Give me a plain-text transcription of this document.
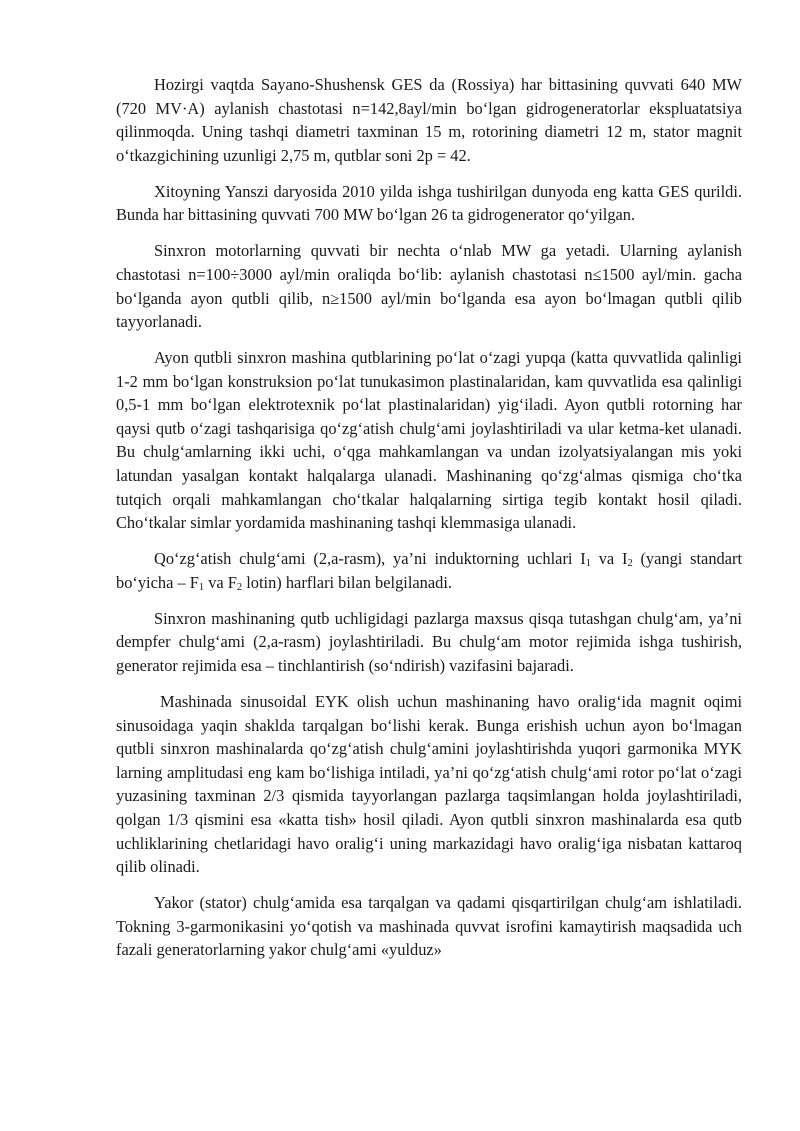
Hozirgi vaqtda Sayano-Shushensk GES da (Rossiya) har bittasining quvvati 640 MW (720 MV·A) aylanish chastotasi n=142,8ayl/min bo‘lgan gidrogeneratorlar ekspluatatsiya qilinmoqda. Uning tashqi diametri taxminan 15 m, rotorining diametri 12 m, stator magnit o‘tkazgichining uzunligi 2,75 m, qutblar soni 2p = 42.

Xitoyning Yanszi daryosida 2010 yilda ishga tushirilgan dunyoda eng katta GES qurildi. Bunda har bittasining quvvati 700 MW bo‘lgan 26 ta gidrogenerator qo‘yilgan.

Sinxron motorlarning quvvati bir nechta o‘nlab MW ga yetadi. Ularning aylanish chastotasi n=100÷3000 ayl/min oraliqda bo‘lib: aylanish chastotasi n≤1500 ayl/min. gacha bo‘lganda ayon qutbli qilib, n≥1500 ayl/min bo‘lganda esa ayon bo‘lmagan qutbli qilib tayyorlanadi.

Ayon qutbli sinxron mashina qutblarining po‘lat o‘zagi yupqa (katta quvvatlida qalinligi 1-2 mm bo‘lgan konstruksion po‘lat tunukasimon plastinalaridan, kam quvvatlida esa qalinligi 0,5-1 mm bo‘lgan elektrotexnik po‘lat plastinalaridan) yig‘iladi. Ayon qutbli rotorning har qaysi qutb o‘zagi tashqarisiga qo‘zg‘atish chulg‘ami joylashtiriladi va ular ketma-ket ulanadi. Bu chulg‘amlarning ikki uchi, o‘qga mahkamlangan va undan izolyatsiyalangan mis yoki latundan yasalgan kontakt halqalarga ulanadi. Mashinaning qo‘zg‘almas qismiga cho‘tka tutqich orqali mahkamlangan cho‘tkalar halqalarning sirtiga tegib kontakt hosil qiladi. Cho‘tkalar simlar yordamida mashinaning tashqi klemmasiga ulanadi.

Qo‘zg‘atish chulg‘ami (2,a-rasm), ya’ni induktorning uchlari $I_1$ va $I_2$ (yangi standart bo‘yicha – $F_1$ va $F_2$ lotin) harflari bilan belgilanadi.

Sinxron mashinaning qutb uchligidagi pazlarga maxsus qisqa tutashgan chulg‘am, ya’ni dempfer chulg‘ami (2,a-rasm) joylashtiriladi. Bu chulg‘am motor rejimida ishga tushirish, generator rejimida esa – tinchlantirish (so‘ndirish) vazifasini bajaradi.

Mashinada sinusoidal EYK olish uchun mashinaning havo oralig‘ida magnit oqimi sinusoidaga yaqin shaklda tarqalgan bo‘lishi kerak. Bunga erishish uchun ayon bo‘lmagan qutbli sinxron mashinalarda qo‘zg‘atish chulg‘amini joylashtirishda yuqori garmonika MYK larning amplitudasi eng kam bo‘lishiga intiladi, ya’ni qo‘zg‘atish chulg‘ami rotor po‘lat o‘zagi yuzasining taxminan 2/3 qismida tayyorlangan pazlarga taqsimlangan holda joylashtiriladi, qolgan 1/3 qismini esa «katta tish» hosil qiladi. Ayon qutbli sinxron mashinalarda esa qutb uchliklarining chetlaridagi havo oralig‘i uning markazidagi havo oralig‘iga nisbatan kattaroq qilib olinadi.

Yakor (stator) chulg‘amida esa tarqalgan va qadami qisqartirilgan chulg‘am ishlatiladi. Tokning 3-garmonikasini yo‘qotish va mashinada quvvat isrofini kamaytirish maqsadida uch fazali generatorlarning yakor chulg‘ami «yulduz»
